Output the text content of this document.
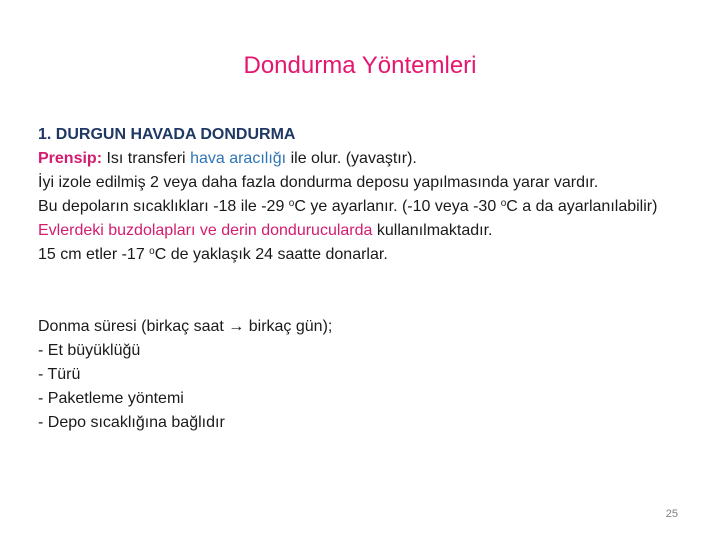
Dondurma Yöntemleri

1. DURGUN HAVADA DONDURMA

Prensip: Isı transferi hava aracılığı ile olur. (yavaştır).

İyi izole edilmiş 2 veya daha fazla dondurma deposu yapılmasında yarar vardır.

Bu depoların sıcaklıkları -18 ile -29 $^o$C ye ayarlanır. (-10 veya -30 $^o$C a da ayarlanılabilir)

Evlerdeki buzdolapları ve derin dondurucularda kullanılmaktadır.

15 cm etler -17 $^o$C de yaklaşık 24 saatte donarlar.

Donma süresi (birkaç saat → birkaç gün);

- Et büyüklüğü

- Türü

- Paketleme yöntemi

- Depo sıcaklığına bağlıdır

25
